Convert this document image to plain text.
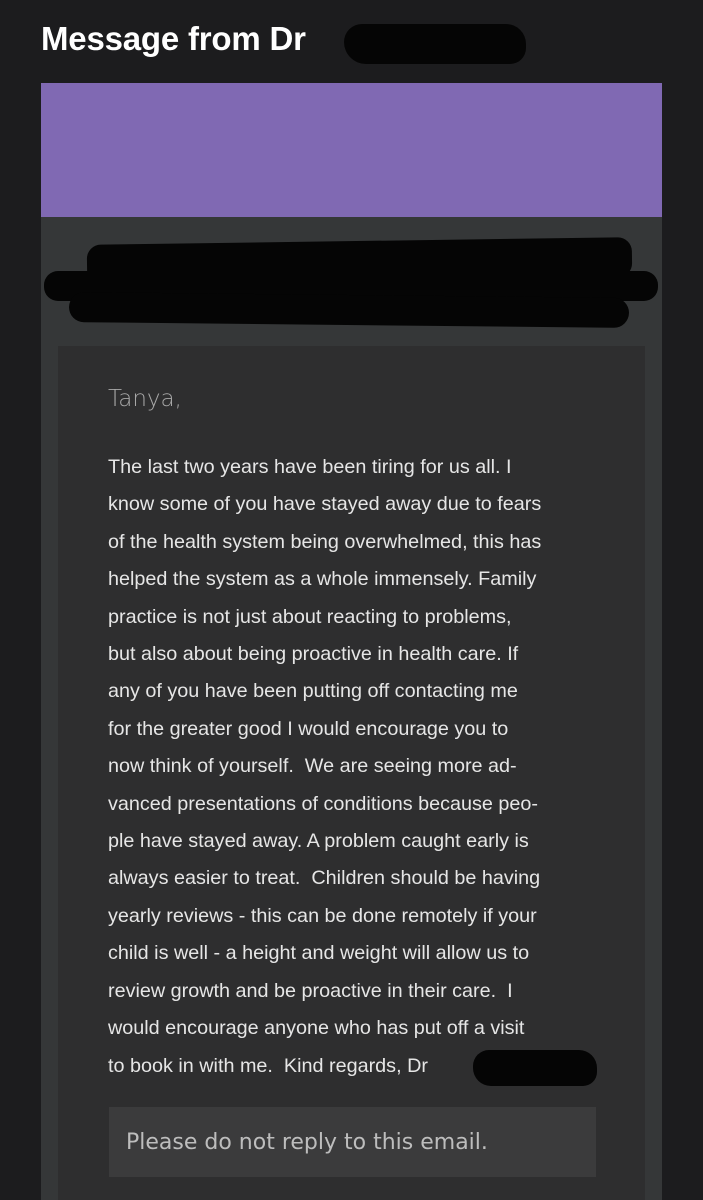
Message from Dr

Tanya,

The last two years have been tiring for us all. I
know some of you have stayed away due to fears
of the health system being overwhelmed, this has
helped the system as a whole immensely. Family
practice is not just about reacting to problems,
but also about being proactive in health care. If
any of you have been putting off contacting me
for the greater good I would encourage you to
now think of yourself.  We are seeing more ad-
vanced presentations of conditions because peo-
ple have stayed away. A problem caught early is
always easier to treat.  Children should be having
yearly reviews - this can be done remotely if your
child is well - a height and weight will allow us to
review growth and be proactive in their care.  I
would encourage anyone who has put off a visit
to book in with me.  Kind regards, Dr

Please do not reply to this email.
